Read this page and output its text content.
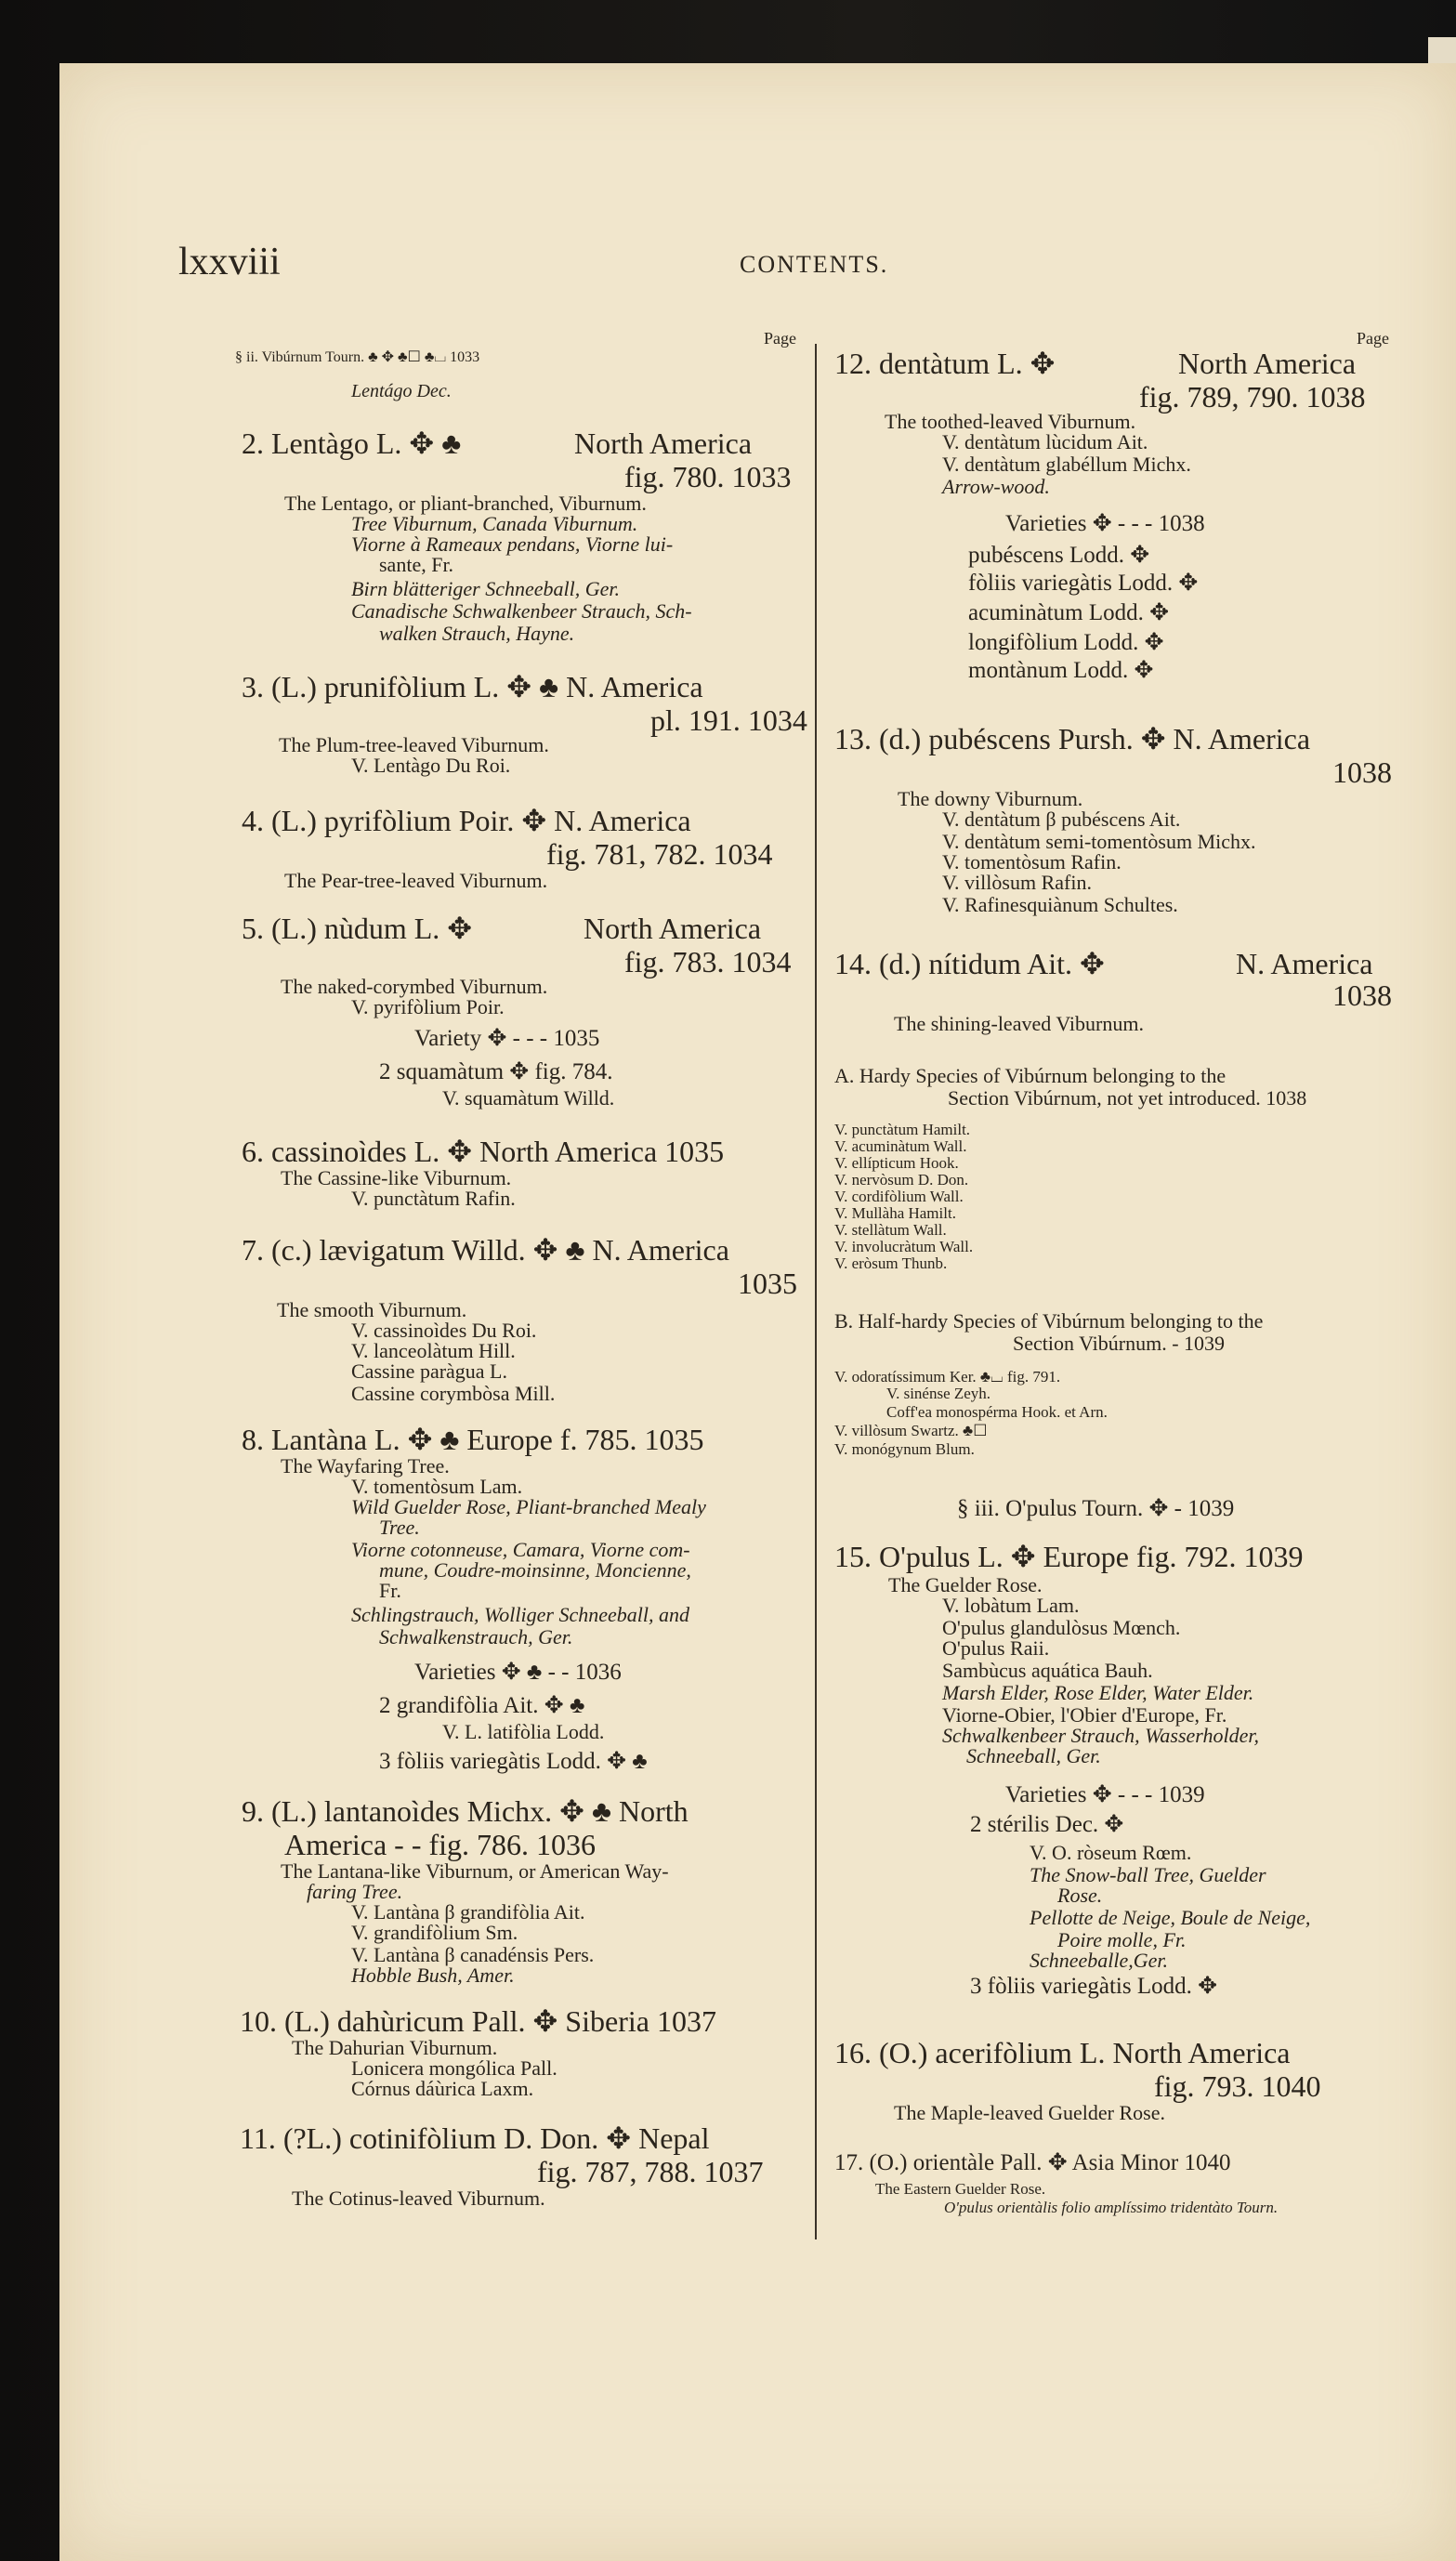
lxxviii	CONTENTS.
Page	Page
§ ii. Vibúrnum Tourn. ♣ ✥ ♣☐ ♣⌴ 1033
Lentágo Dec.
2. Lentàgo L. ✥ ♣	North America
fig. 780. 1033
The Lentago, or pliant-branched, Viburnum.
Tree Viburnum, Canada Viburnum.
Viorne à Rameaux pendans, Viorne lui-
sante, Fr.
Birn blätteriger Schneeball, Ger.
Canadische Schwalkenbeer Strauch, Sch-
walken Strauch, Hayne.
3. (L.) prunifòlium L. ✥ ♣ N. America
pl. 191. 1034
The Plum-tree-leaved Viburnum.
V. Lentàgo Du Roi.
4. (L.) pyrifòlium Poir. ✥ N. America
fig. 781, 782. 1034
The Pear-tree-leaved Viburnum.
5. (L.) nùdum L. ✥	North America
fig. 783. 1034
The naked-corymbed Viburnum.
V. pyrifòlium Poir.
Variety ✥ - - - 1035
2 squamàtum ✥ fig. 784.
V. squamàtum Willd.
6. cassinoìdes L. ✥ North America 1035
The Cassine-like Viburnum.
V. punctàtum Rafin.
7. (c.) lævigatum Willd. ✥ ♣ N. America
1035
The smooth Viburnum.
V. cassinoìdes Du Roi.
V. lanceolàtum Hill.
Cassine paràgua L.
Cassine corymbòsa Mill.
8. Lantàna L. ✥ ♣ Europe f. 785. 1035
The Wayfaring Tree.
V. tomentòsum Lam.
Wild Guelder Rose, Pliant-branched Mealy
Tree.
Viorne cotonneuse, Camara, Viorne com-
mune, Coudre-moinsinne, Moncienne,
Fr.
Schlingstrauch, Wolliger Schneeball, and
Schwalkenstrauch, Ger.
Varieties ✥ ♣ - - 1036
2 grandifòlia Ait. ✥ ♣
V. L. latifòlia Lodd.
3 fòliis variegàtis Lodd. ✥ ♣
9. (L.) lantanoìdes Michx. ✥ ♣ North
America - - fig. 786. 1036
The Lantana-like Viburnum, or American Way-
faring Tree.
V. Lantàna β grandifòlia Ait.
V. grandifòlium Sm.
V. Lantàna β canadénsis Pers.
Hobble Bush, Amer.
10. (L.) dahùricum Pall. ✥ Siberia 1037
The Dahurian Viburnum.
Lonicera mongólica Pall.
Córnus dáùrica Laxm.
11. (?L.) cotinifòlium D. Don. ✥ Nepal
fig. 787, 788. 1037
The Cotinus-leaved Viburnum.
12. dentàtum L. ✥	North America
fig. 789, 790. 1038
The toothed-leaved Viburnum.
V. dentàtum lùcidum Ait.
V. dentàtum glabéllum Michx.
Arrow-wood.
Varieties ✥ - - - 1038
pubéscens Lodd. ✥
fòliis variegàtis Lodd. ✥
acuminàtum Lodd. ✥
longifòlium Lodd. ✥
montànum Lodd. ✥
13. (d.) pubéscens Pursh. ✥ N. America
1038
The downy Viburnum.
V. dentàtum β pubéscens Ait.
V. dentàtum semi-tomentòsum Michx.
V. tomentòsum Rafin.
V. villòsum Rafin.
V. Rafinesquiànum Schultes.
14. (d.) nítidum Ait. ✥	N. America
1038
The shining-leaved Viburnum.
A. Hardy Species of Vibúrnum belonging to the
Section Vibúrnum, not yet introduced. 1038
V. punctàtum Hamilt.
V. acuminàtum Wall.
V. ellípticum Hook.
V. nervòsum D. Don.
V. cordifòlium Wall.
V. Mullàha Hamilt.
V. stellàtum Wall.
V. involucràtum Wall.
V. eròsum Thunb.
B. Half-hardy Species of Vibúrnum belonging to the
Section Vibúrnum. - 1039
V. odoratíssimum Ker. ♣⌴ fig. 791.
V. sinénse Zeyh.
Coff'ea monospérma Hook. et Arn.
V. villòsum Swartz. ♣☐
V. monógynum Blum.
§ iii. O'pulus Tourn. ✥ - 1039
15. O'pulus L. ✥ Europe fig. 792. 1039
The Guelder Rose.
V. lobàtum Lam.
O'pulus glandulòsus Mœnch.
O'pulus Raii.
Sambùcus aquática Bauh.
Marsh Elder, Rose Elder, Water Elder.
Viorne-Obier, l'Obier d'Europe, Fr.
Schwalkenbeer Strauch, Wasserholder,
Schneeball, Ger.
Varieties ✥ - - - 1039
2 stérilis Dec. ✥
V. O. ròseum Rœm.
The Snow-ball Tree, Guelder
Rose.
Pellotte de Neige, Boule de Neige,
Poire molle, Fr.
Schneeballe,Ger.
3 fòliis variegàtis Lodd. ✥
16. (O.) acerifòlium L. North America
fig. 793. 1040
The Maple-leaved Guelder Rose.
17. (O.) orientàle Pall. ✥ Asia Minor 1040
The Eastern Guelder Rose.
O'pulus orientàlis folio amplíssimo tridentàto Tourn.
